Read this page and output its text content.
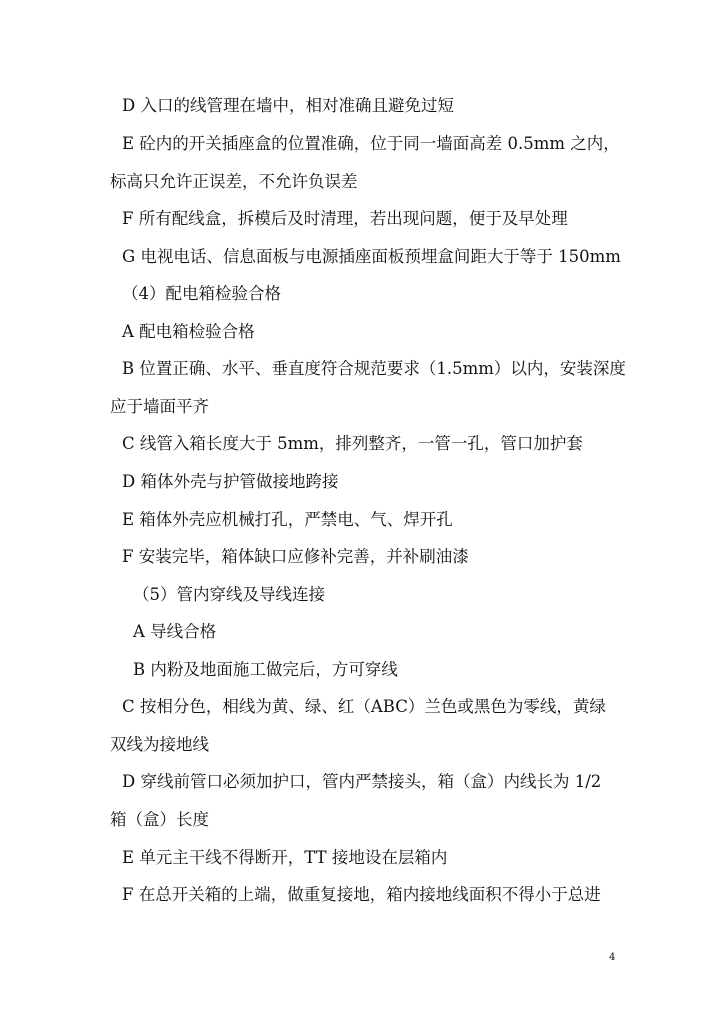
D 入口的线管理在墙中，相对准确且避免过短
E 砼内的开关插座盒的位置准确，位于同一墙面高差 0.5mm 之内，
标高只允许正误差，不允许负误差
F 所有配线盒，拆模后及时清理，若出现问题，便于及早处理
G 电视电话、信息面板与电源插座面板预埋盒间距大于等于 150mm
（4）配电箱检验合格
A 配电箱检验合格
B 位置正确、水平、垂直度符合规范要求（1.5mm）以内，安装深度
应于墙面平齐
C 线管入箱长度大于 5mm，排列整齐，一管一孔，管口加护套
D 箱体外壳与护管做接地跨接
E 箱体外壳应机械打孔，严禁电、气、焊开孔
F 安装完毕，箱体缺口应修补完善，并补刷油漆
（5）管内穿线及导线连接
A 导线合格
B 内粉及地面施工做完后，方可穿线
C 按相分色，相线为黄、绿、红（ABC）兰色或黑色为零线，黄绿
双线为接地线
D 穿线前管口必须加护口，管内严禁接头，箱（盒）内线长为 1/2
箱（盒）长度
E 单元主干线不得断开，TT 接地设在层箱内
F 在总开关箱的上端，做重复接地，箱内接地线面积不得小于总进
4
